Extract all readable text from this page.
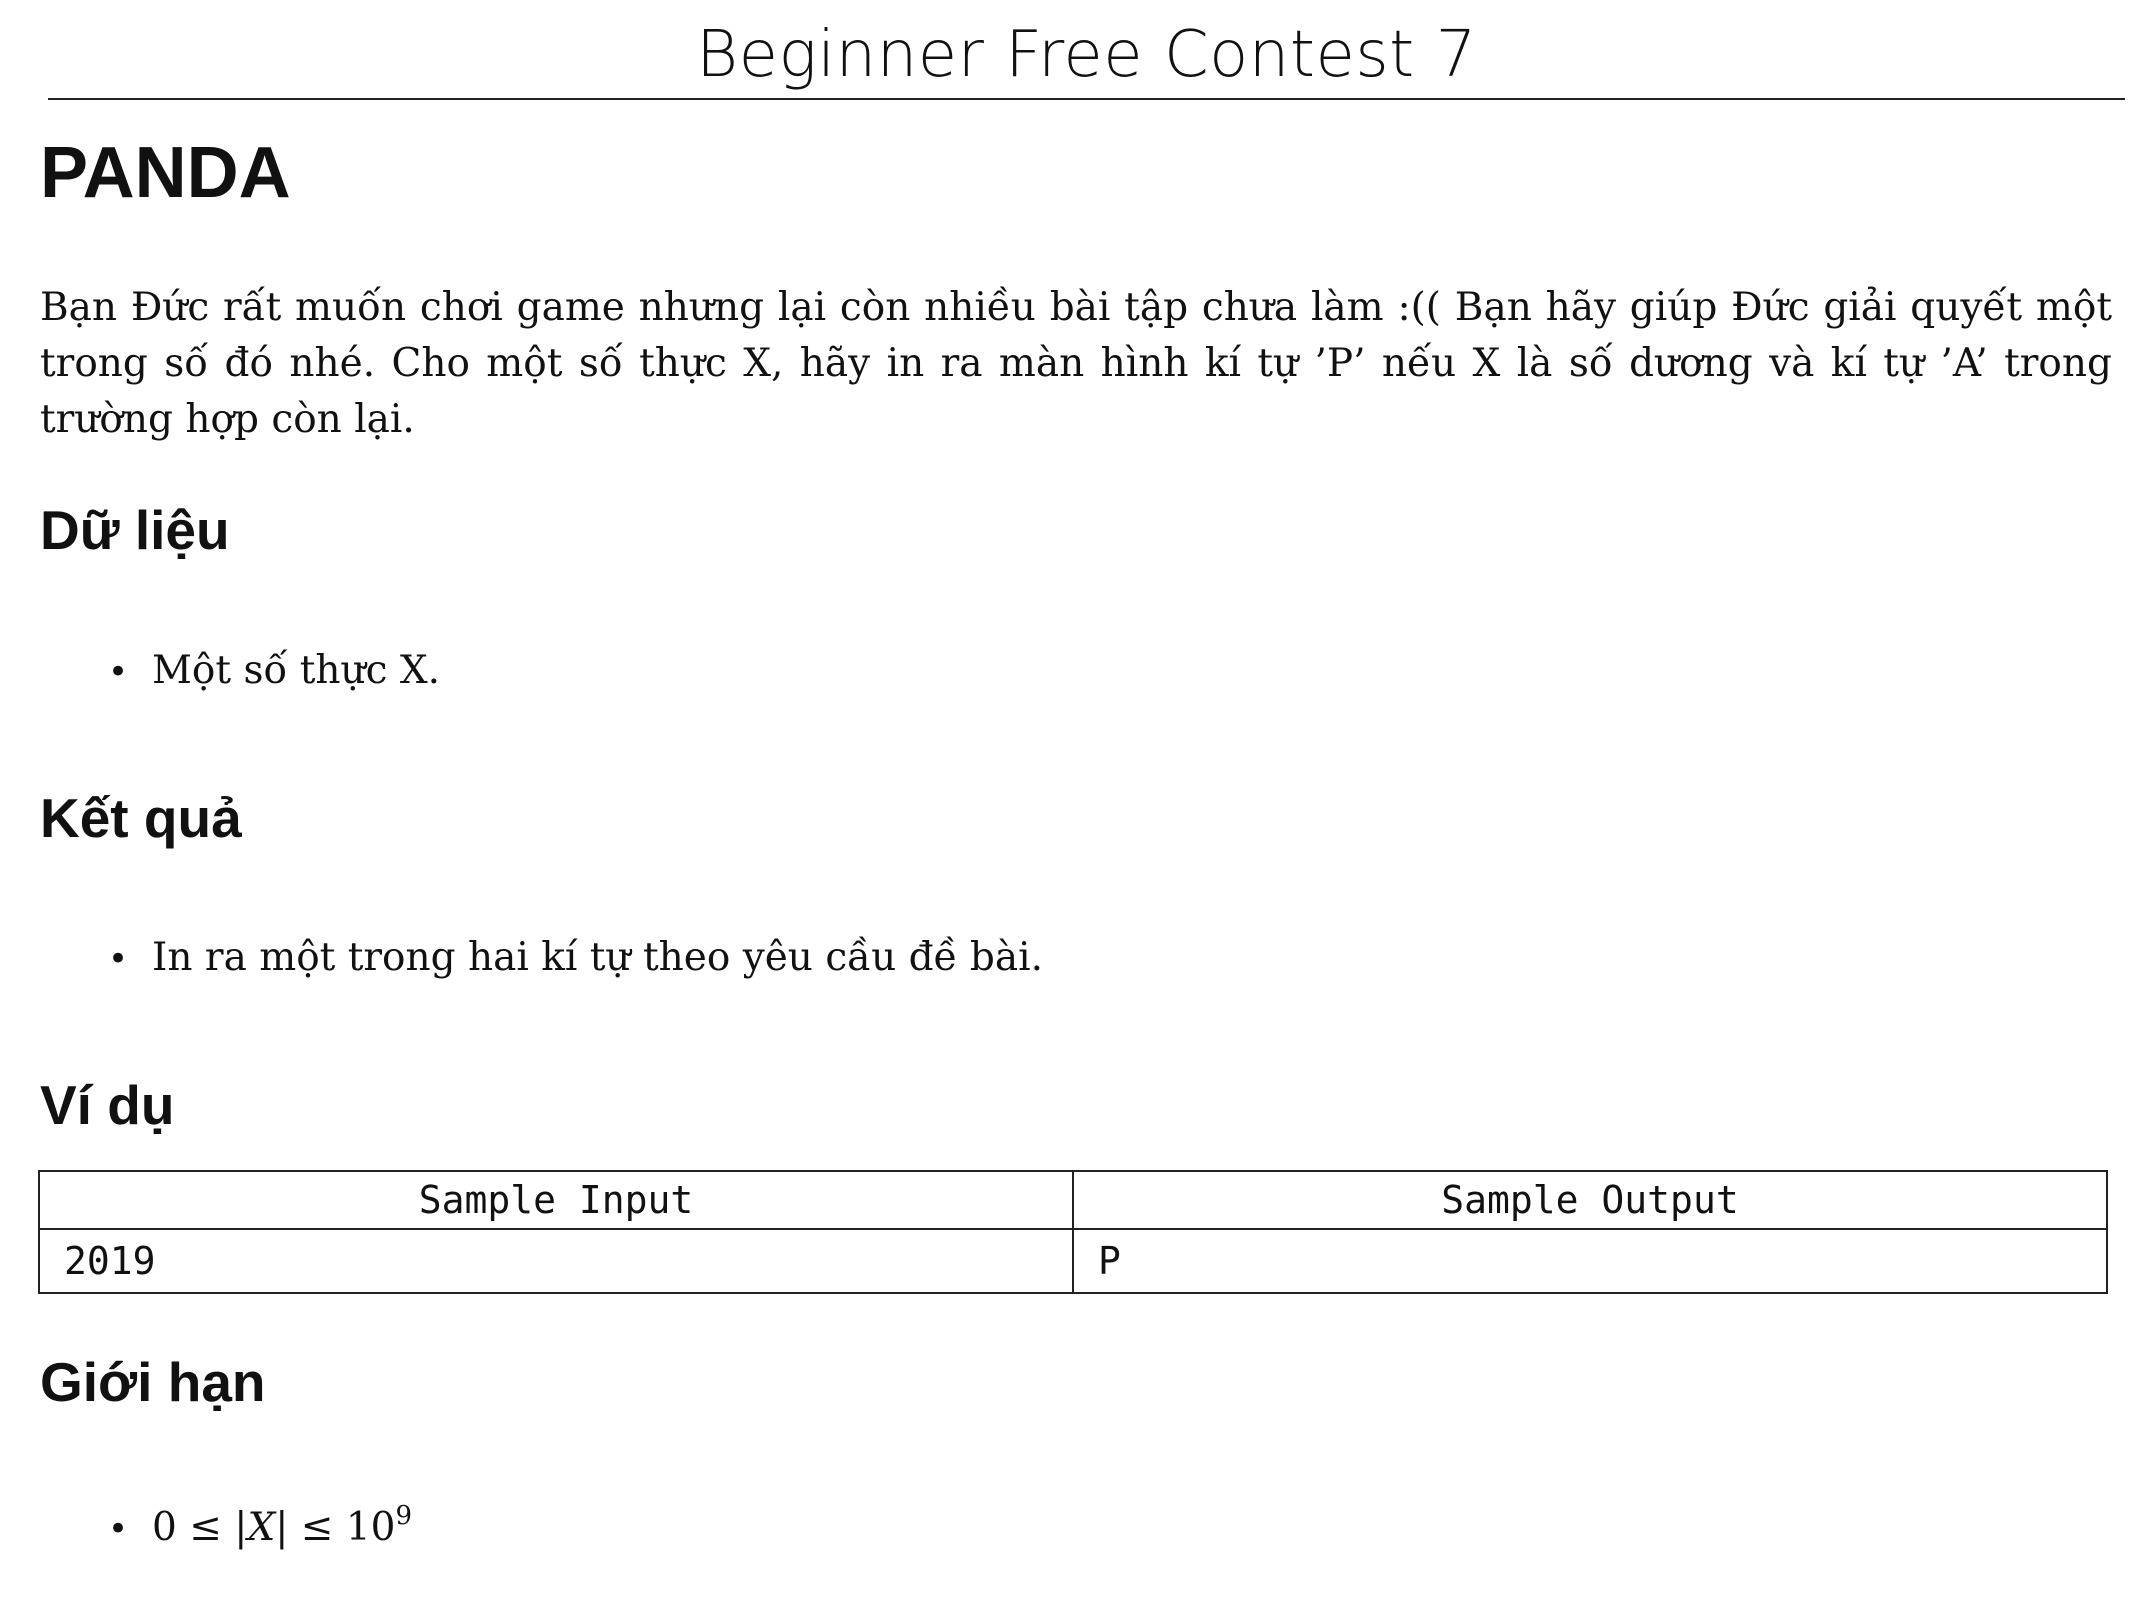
Beginner Free Contest 7
PANDA

Bạn Đức rất muốn chơi game nhưng lại còn nhiều bài tập chưa làm :(( Bạn hãy giúp Đức giải quyết một trong số đó nhé. Cho một số thực X, hãy in ra màn hình kí tự ’P’ nếu X là số dương và kí tự ’A’ trong trường hợp còn lại.

Dữ liệu

• Một số thực X.

Kết quả

• In ra một trong hai kí tự theo yêu cầu đề bài.

Ví dụ
Sample Input	Sample Output
2019	P
Giới hạn

• $0 \le |X| \le 10^9$
